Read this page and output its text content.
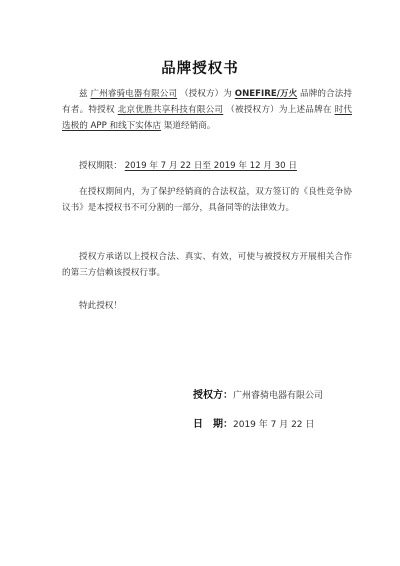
品牌授权书
兹 广州睿骑电器有限公司 （授权方）为 ONEFIRE/万火 品牌的合法持有者。特授权 北京优胜共享科技有限公司 （被授权方）为上述品牌在 时代选极的 APP 和线下实体店 渠道经销商。
授权期限： 2019 年 7 月 22 日至 2019 年 12 月 30 日
在授权期间内，为了保护经销商的合法权益，双方签订的《良性竞争协议书》是本授权书不可分割的一部分，具备同等的法律效力。
授权方承诺以上授权合法、真实、有效，可使与被授权方开展相关合作的第三方信赖该授权行事。
特此授权！
授权方：广州睿骑电器有限公司
日　期：2019 年 7 月 22 日
